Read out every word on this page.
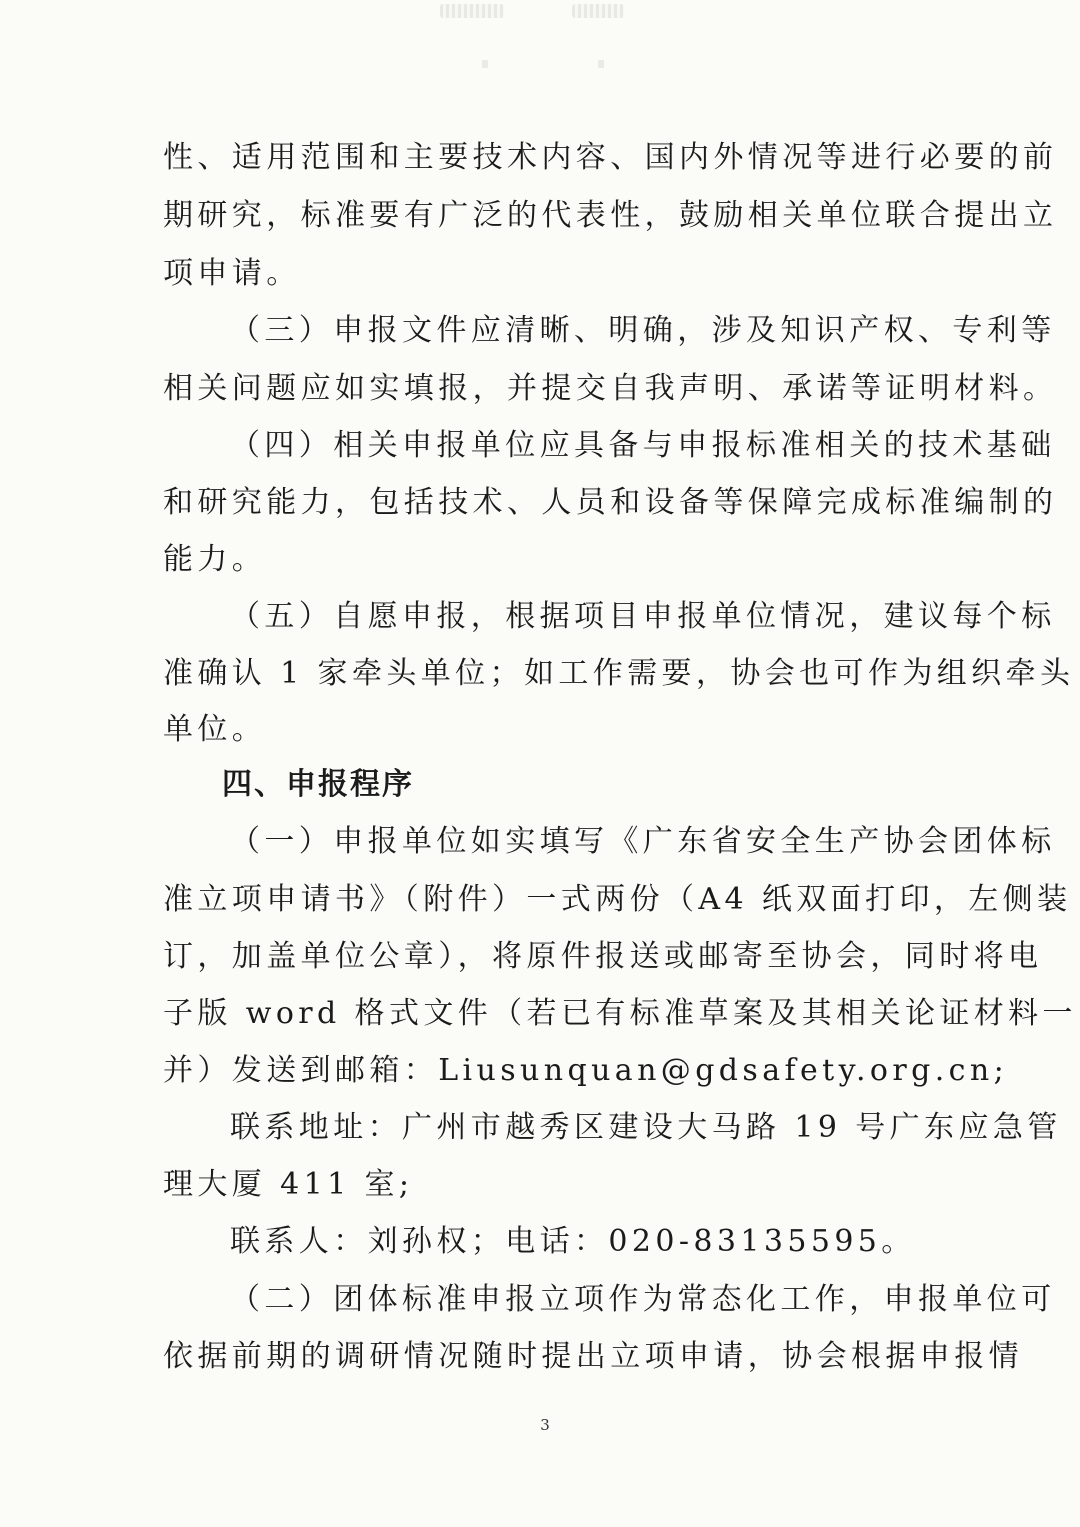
性、适用范围和主要技术内容、国内外情况等进行必要的前
期研究，标准要有广泛的代表性，鼓励相关单位联合提出立
项申请。
（三）申报文件应清晰、明确，涉及知识产权、专利等
相关问题应如实填报，并提交自我声明、承诺等证明材料。
（四）相关申报单位应具备与申报标准相关的技术基础
和研究能力，包括技术、人员和设备等保障完成标准编制的
能力。
（五）自愿申报，根据项目申报单位情况，建议每个标
准确认 1 家牵头单位；如工作需要，协会也可作为组织牵头
单位。
四、申报程序
（一）申报单位如实填写《广东省安全生产协会团体标
准立项申请书》（附件）一式两份（A4 纸双面打印，左侧装
订，加盖单位公章），将原件报送或邮寄至协会，同时将电
子版 word 格式文件（若已有标准草案及其相关论证材料一
并）发送到邮箱：Liusunquan@gdsafety.org.cn;
联系地址：广州市越秀区建设大马路 19 号广东应急管
理大厦 411 室;
联系人：刘孙权；电话：020-83135595。
（二）团体标准申报立项作为常态化工作，申报单位可
依据前期的调研情况随时提出立项申请，协会根据申报情
3
